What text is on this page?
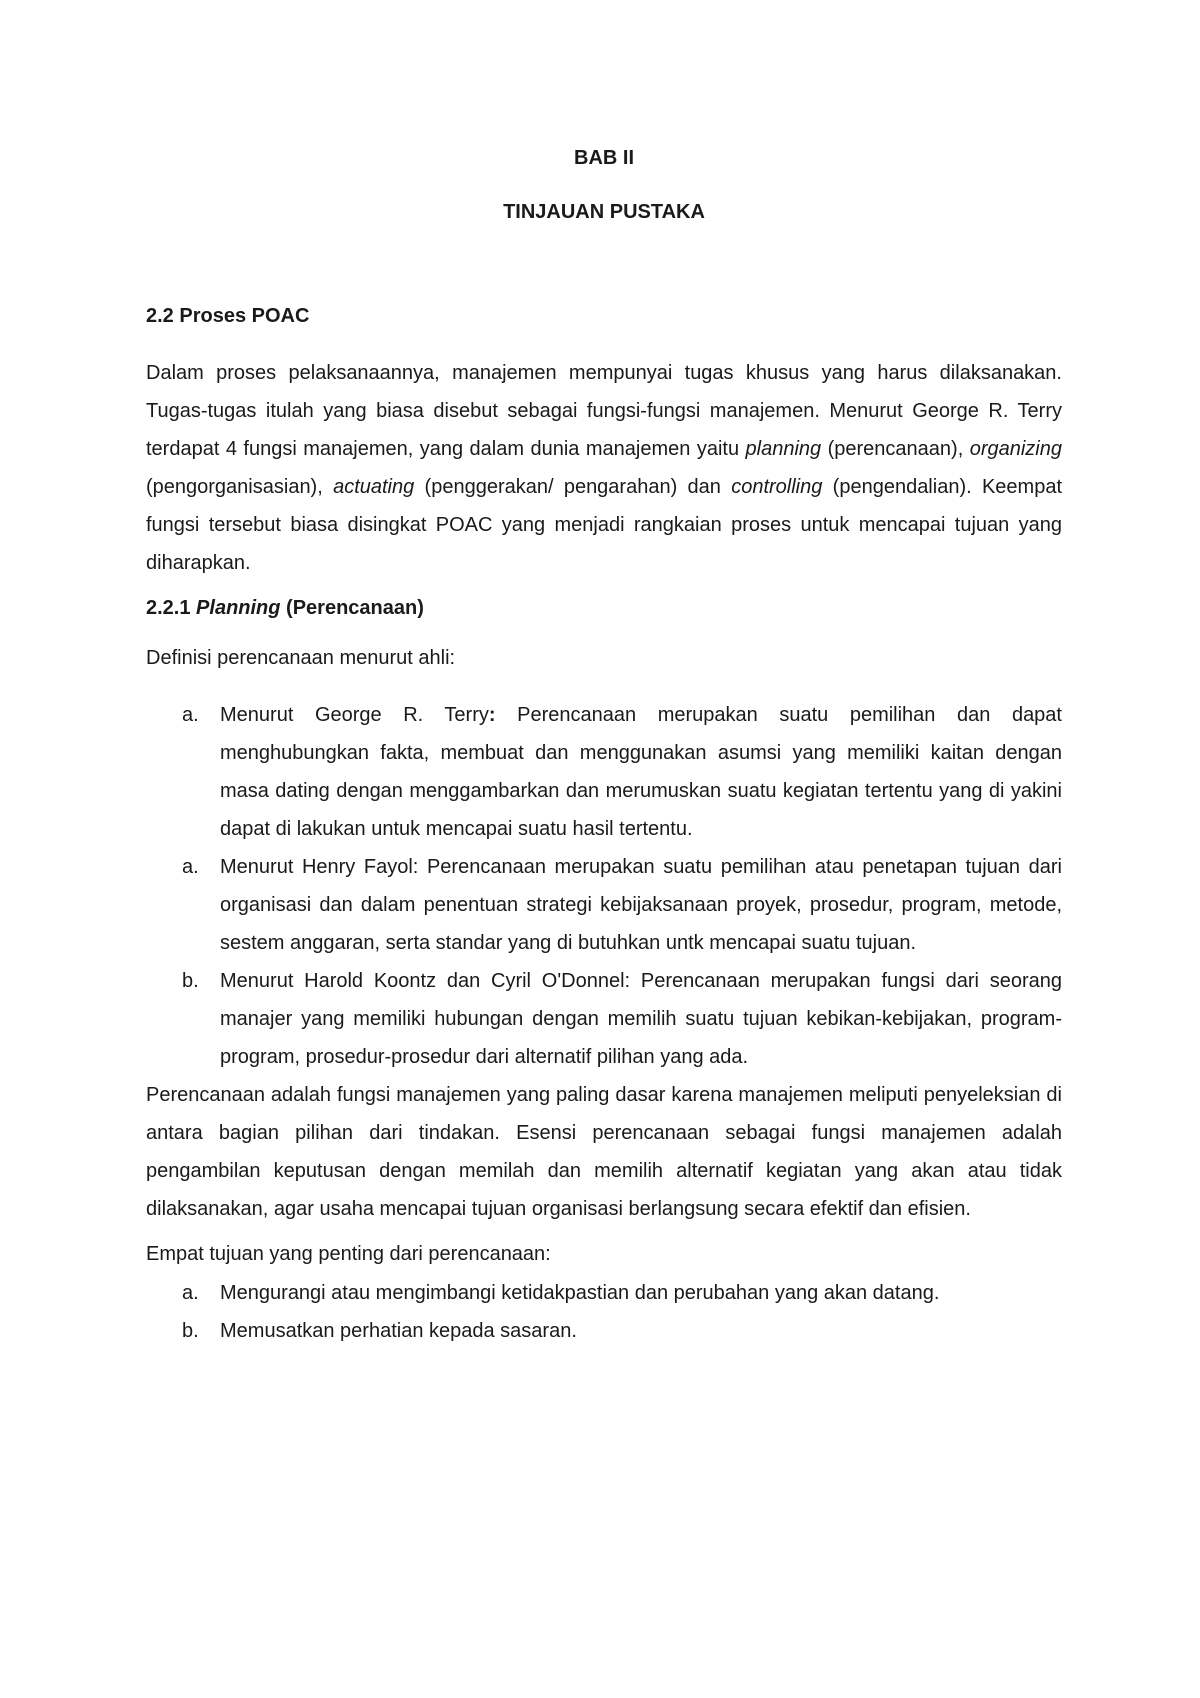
BAB II
TINJAUAN PUSTAKA
2.2 Proses POAC

Dalam proses pelaksanaannya, manajemen mempunyai tugas khusus yang harus dilaksanakan. Tugas-tugas itulah yang biasa disebut sebagai fungsi-fungsi manajemen. Menurut George R. Terry terdapat 4 fungsi manajemen, yang dalam dunia manajemen yaitu planning (perencanaan), organizing (pengorganisasian), actuating (penggerakan/ pengarahan) dan controlling (pengendalian). Keempat fungsi tersebut biasa disingkat POAC yang menjadi rangkaian proses untuk mencapai tujuan yang diharapkan.

2.2.1 Planning (Perencanaan)

Definisi perencanaan menurut ahli:

a. Menurut George R. Terry: Perencanaan merupakan suatu pemilihan dan dapat menghubungkan fakta, membuat dan menggunakan asumsi yang memiliki kaitan dengan masa dating dengan menggambarkan dan merumuskan suatu kegiatan tertentu yang di yakini dapat di lakukan untuk mencapai suatu hasil tertentu.
a. Menurut Henry Fayol: Perencanaan merupakan suatu pemilihan atau penetapan tujuan dari organisasi dan dalam penentuan strategi kebijaksanaan proyek, prosedur, program, metode, sestem anggaran, serta standar yang di butuhkan untk mencapai suatu tujuan.
b. Menurut Harold Koontz dan Cyril O'Donnel: Perencanaan merupakan fungsi dari seorang manajer yang memiliki hubungan dengan memilih suatu tujuan kebikan-kebijakan, program-program, prosedur-prosedur dari alternatif pilihan yang ada.

Perencanaan adalah fungsi manajemen yang paling dasar karena manajemen meliputi penyeleksian di antara bagian pilihan dari tindakan. Esensi perencanaan sebagai fungsi manajemen adalah pengambilan keputusan dengan memilah dan memilih alternatif kegiatan yang akan atau tidak dilaksanakan, agar usaha mencapai tujuan organisasi berlangsung secara efektif dan efisien.

Empat tujuan yang penting dari perencanaan:

a. Mengurangi atau mengimbangi ketidakpastian dan perubahan yang akan datang.
b. Memusatkan perhatian kepada sasaran.
